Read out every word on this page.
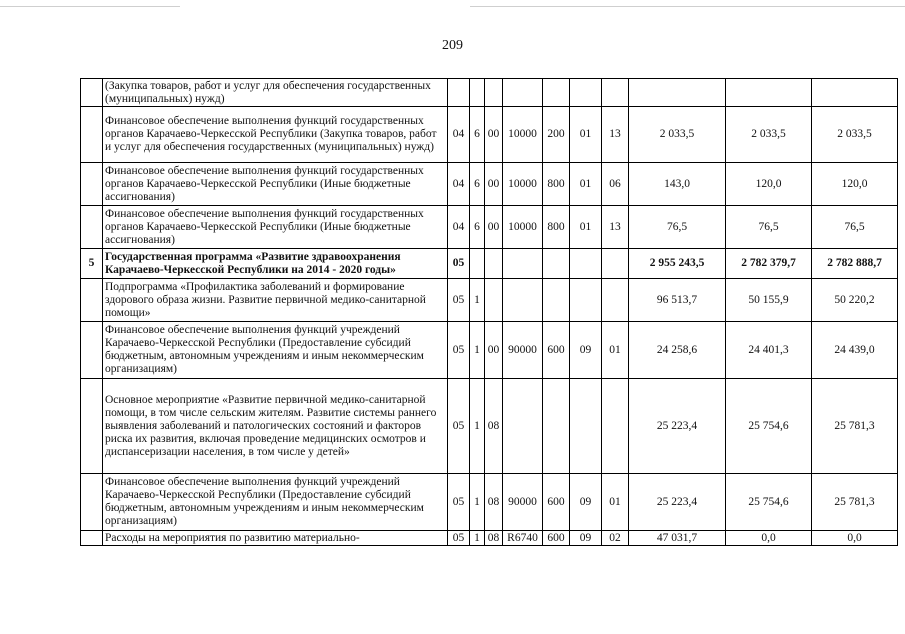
209
	(Закупка товаров, работ и услуг для обеспечения государственных (муниципальных) нужд)										
	Финансовое обеспечение выполнения функций государственных органов Карачаево-Черкесской Республики (Закупка товаров, работ и услуг для обеспечения государственных (муниципальных) нужд)	04	6	00	10000	200	01	13	2 033,5	2 033,5	2 033,5
	Финансовое обеспечение выполнения функций государственных органов Карачаево-Черкесской Республики (Иные бюджетные ассигнования)	04	6	00	10000	800	01	06	143,0	120,0	120,0
	Финансовое обеспечение выполнения функций государственных органов Карачаево-Черкесской Республики (Иные бюджетные ассигнования)	04	6	00	10000	800	01	13	76,5	76,5	76,5
5	Государственная программа «Развитие здравоохранения Карачаево-Черкесской Республики на 2014 - 2020 годы»	05							2 955 243,5	2 782 379,7	2 782 888,7
	Подпрограмма «Профилактика заболеваний и формирование здорового образа жизни. Развитие первичной медико-санитарной помощи»	05	1						96 513,7	50 155,9	50 220,2
	Финансовое обеспечение выполнения функций учреждений Карачаево-Черкесской Республики (Предоставление субсидий бюджетным, автономным учреждениям и иным некоммерческим организациям)	05	1	00	90000	600	09	01	24 258,6	24 401,3	24 439,0
	Основное мероприятие «Развитие первичной медико-санитарной помощи, в том числе сельским жителям. Развитие системы раннего выявления заболеваний и патологических состояний и факторов риска их развития, включая проведение медицинских осмотров и диспансеризации населения, в том числе у детей»	05	1	08					25 223,4	25 754,6	25 781,3
	Финансовое обеспечение выполнения функций учреждений Карачаево-Черкесской Республики (Предоставление субсидий бюджетным, автономным учреждениям и иным некоммерческим организациям)	05	1	08	90000	600	09	01	25 223,4	25 754,6	25 781,3
	Расходы на мероприятия по развитию материально-	05	1	08	R6740	600	09	02	47 031,7	0,0	0,0
